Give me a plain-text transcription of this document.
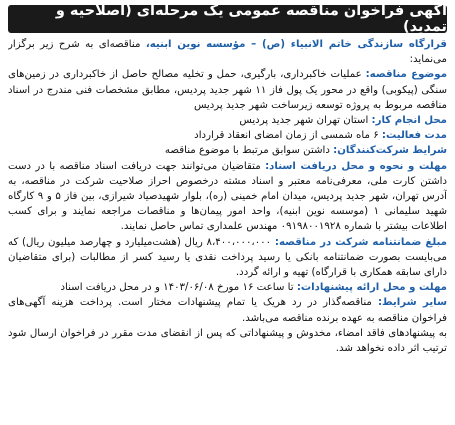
آگهی فراخوان مناقصه عمومی یک مرحله‌ای (اصلاحیه و تمدید)

قرارگاه سازندگی خاتم الانبیاء (ص) – مؤسسه نوین ابنیه، مناقصه‌ای به شرح زیر برگزار می‌نماید:

موضوع مناقصه: عملیات خاکبرداری، بارگیری، حمل و تخلیه مصالح حاصل از خاکبرداری در زمین‌های سنگی (پیکوبی) واقع در محور یک پول فاز ۱۱ شهر جدید پردیس، مطابق مشخصات فنی مندرج در اسناد مناقصه مربوط به پروژه توسعه زیرساخت شهر جدید پردیس

محل انجام کار: استان تهران شهر جدید پردیس

مدت فعالیت: ۶ ماه شمسی از زمان امضای انعقاد قرارداد

شرایط شرکت‌کنندگان: داشتن سوابق مرتبط با موضوع مناقصه

مهلت و نحوه و محل دریافت اسناد: متقاضیان می‌توانند جهت دریافت اسناد مناقصه با در دست داشتن کارت ملی، معرفی‌نامه معتبر و اسناد مشته درخصوص احراز صلاحیت شرکت در مناقصه، به آدرس تهران، شهر جدید پردیس، میدان امام خمینی (ره)، بلوار شهیدصیاد شیرازی، بین فاز ۵ و ۹ کارگاه شهید سلیمانی ۱ (موسسه نوین ابنیه)، واحد امور پیمان‌ها و مناقصات مراجعه نمایند و برای کسب اطلاعات بیشتر با شماره ۰۹۱۹۸۰۰۱۹۲۸ مهندس علمداری تماس حاصل نمایند.

مبلغ ضمانتنامه شرکت در مناقصه: ۸،۴۰۰،۰۰۰،۰۰۰ ریال (هشت‌میلیارد و چهارصد میلیون ریال) که می‌بایست بصورت ضمانتنامه بانکی یا رسید پرداخت نقدی یا رسید کسر از مطالبات (برای متقاضیان دارای سابقه همکاری با قرارگاه) تهیه و ارائه گردد.

مهلت و محل ارائه پیشنهادات: تا ساعت ۱۶ مورخ ۱۴۰۳/۰۶/۰۸ و در محل دریافت اسناد

سایر شرایط: مناقصه‌گذار در رد هریک یا تمام پیشنهادات مختار است. پرداخت هزینه آگهی‌های فراخوان مناقصه به عهده برنده مناقصه می‌باشد.

به پیشنهادهای فاقد امضاء، مخدوش و پیشنهاداتی که پس از انقضای مدت مقرر در فراخوان ارسال شود ترتیب اثر داده نخواهد شد.
